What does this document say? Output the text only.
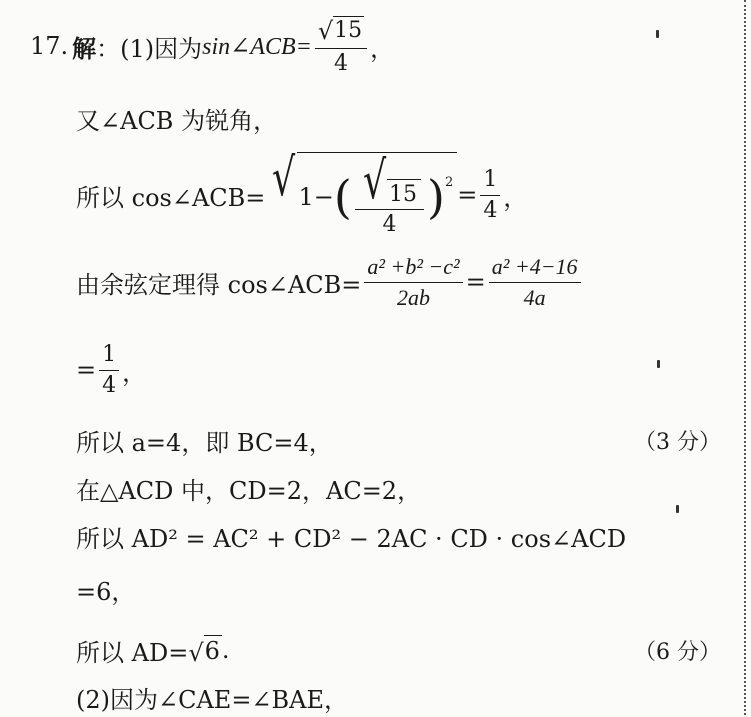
17. 解 ： (1)因为 sin∠ACB= $\frac{√ 15}{4}$ ，
又∠ACB 为锐角，
所以 cos∠ACB= √ 1− ( $\frac{√ 15}{4} )^2 = \frac{1}{4}$ ，
由余弦定理得 cos∠ACB= $\frac{\text{a² +b² −c²}}{2ab} = \frac{\text{a² +4−16}}{4a}$
= $\frac{1}{4}$ ，
所以 a=4，即 BC=4，	（3 分）
在△ACD 中，CD=2，AC=2，
所以 AD² = AC² + CD² − 2AC · CD · cos∠ACD
=6，
所以 AD= √ 6 .	（6 分）
(2)因为∠CAE=∠BAE，
